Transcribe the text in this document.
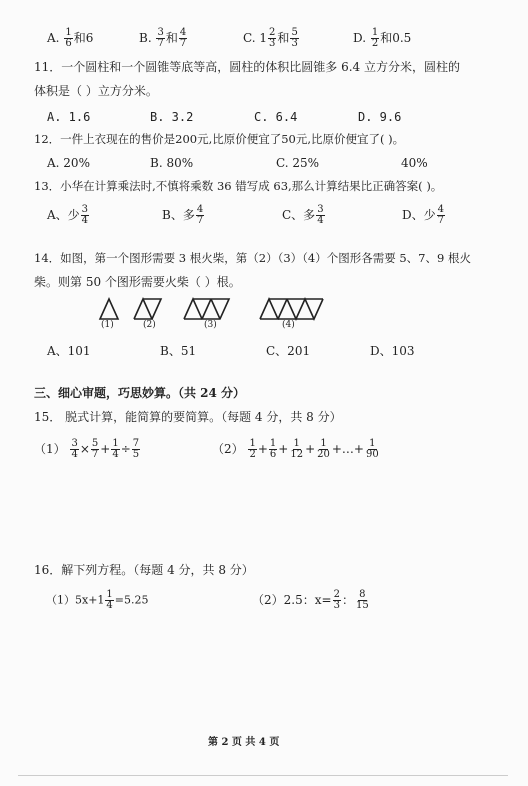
A. $\frac{1}{6}$ 和6	B. $\frac{3}{7}$ 和 $\frac{4}{7}$	C. $1 \frac{2}{3}$ 和 $\frac{5}{3}$	D. $\frac{1}{2}$ 和0.5
11．一个圆柱和一个圆锥等底等高，圆柱的体积比圆锥多 6.4 立方分米，圆柱的
体积是（ ）立方分米。
A. 1.6	B. 3.2	C. 6.4	D. 9.6
12．一件上衣现在的售价是200元,比原价便宜了50元,比原价便宜了( )。
A. 20%	B. 80%	C. 25%	40%
13．小华在计算乘法时,不慎将乘数 36 错写成 63,那么计算结果比正确答案( )。
A、少 $\frac{3}{4}$	B、多 $\frac{4}{7}$	C、多 $\frac{3}{4}$	D、少 $\frac{4}{7}$
14．如图，第一个图形需要 3 根火柴，第（2）（3）（4）个图形各需要 5、7、9 根火
柴。则第 50 个图形需要火柴（ ）根。
(1)	(2)	(3)	(4)
A、101	B、51	C、201	D、103
三、细心审题，巧思妙算。（共 24 分）
15． 脱式计算，能简算的要简算。（每题 4 分，共 8 分）
$(1) \frac{3}{4} \times \frac{5}{7} + \frac{1}{4} \div \frac{7}{5}$	$(2) \frac{1}{2} + \frac{1}{6} + \frac{1}{12} + \frac{1}{20}$ +…+ $\frac{1}{90}$
16．解下列方程。（每题 4 分，共 8 分）
$(1)5x+1 \frac{1}{4} =5.25$	（2）2.5：$x= \frac{2}{3}$ ： $\frac{8}{15}$
第 2 页 共 4 页
